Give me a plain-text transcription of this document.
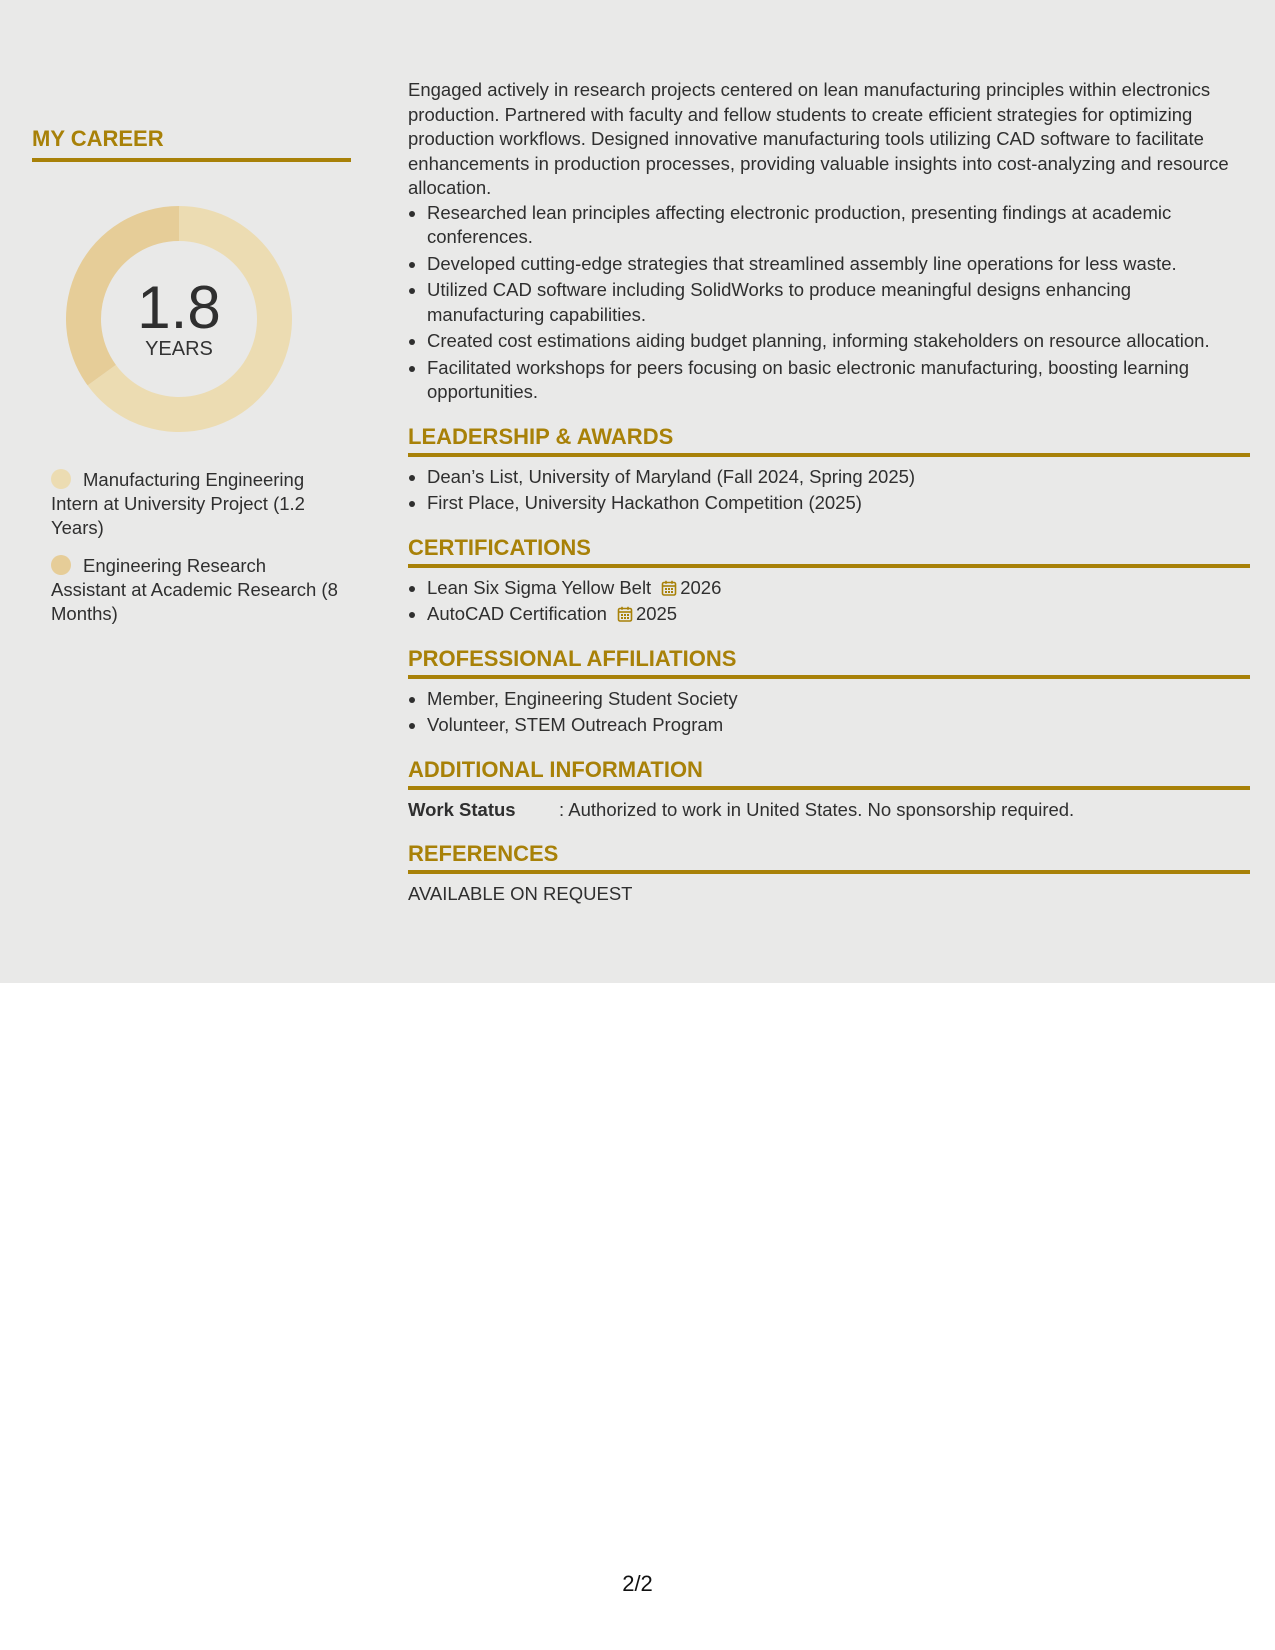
MY CAREER
1.8
YEARS
Manufacturing Engineering Intern at University Project (1.2 Years)
Engineering Research Assistant at Academic Research (8 Months)

Engaged actively in research projects centered on lean manufacturing principles within electronics production. Partnered with faculty and fellow students to create efficient strategies for optimizing production workflows. Designed innovative manufacturing tools utilizing CAD software to facilitate enhancements in production processes, providing valuable insights into cost-analyzing and resource allocation.

• Researched lean principles affecting electronic production, presenting findings at academic conferences.
• Developed cutting-edge strategies that streamlined assembly line operations for less waste.
• Utilized CAD software including SolidWorks to produce meaningful designs enhancing manufacturing capabilities.
• Created cost estimations aiding budget planning, informing stakeholders on resource allocation.
• Facilitated workshops for peers focusing on basic electronic manufacturing, boosting learning opportunities.
LEADERSHIP & AWARDS
• Dean’s List, University of Maryland (Fall 2024, Spring 2025)
• First Place, University Hackathon Competition (2025)
CERTIFICATIONS
• Lean Six Sigma Yellow Belt 2026
• AutoCAD Certification 2025
PROFESSIONAL AFFILIATIONS
• Member, Engineering Student Society
• Volunteer, STEM Outreach Program
ADDITIONAL INFORMATION
Work Status	: Authorized to work in United States. No sponsorship required.
REFERENCES

AVAILABLE ON REQUEST

2/2
